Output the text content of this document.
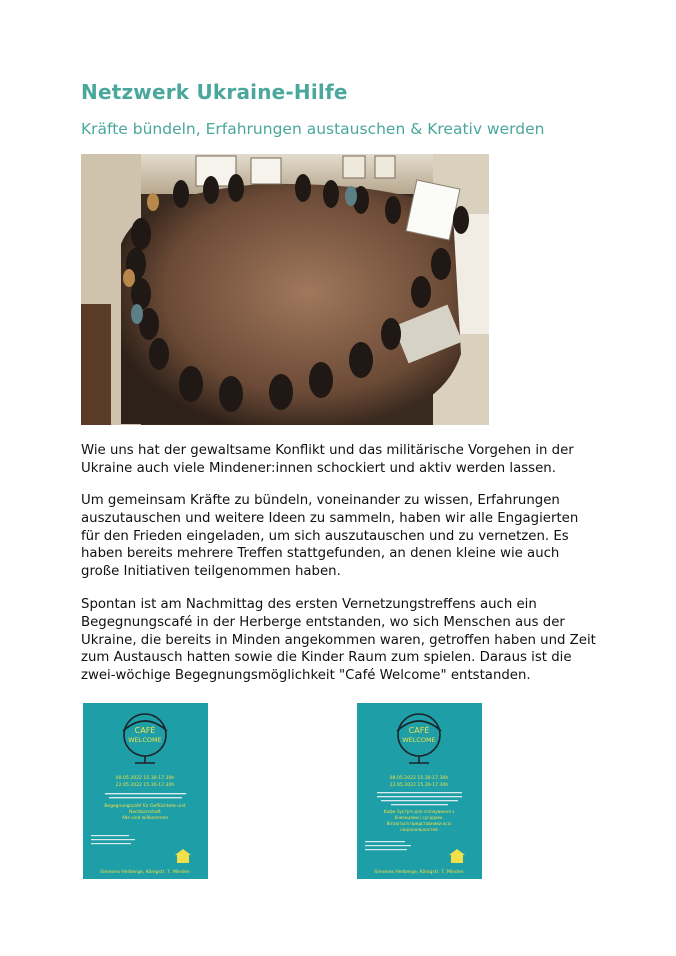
Netzwerk Ukraine-Hilfe
Kräfte bündeln, Erfahrungen austauschen & Kreativ werden

Wie uns hat der gewaltsame Konflikt und das militärische Vorgehen in der Ukraine auch viele Mindener:innen schockiert und aktiv werden lassen.

Um gemeinsam Kräfte zu bündeln, voneinander zu wissen, Erfahrungen auszutauschen und weitere Ideen zu sammeln, haben wir alle Engagierten für den Frieden eingeladen, um sich auszutauschen und zu vernetzen. Es haben bereits mehrere Treffen stattgefunden, an denen kleine wie auch große Initiativen teilgenommen haben.

Spontan ist am Nachmittag des ersten Vernetzungstreffens auch ein Begegnungscafé in der Herberge entstanden, wo sich Menschen aus der Ukraine, die bereits in Minden angekommen waren, getroffen haben und Zeit zum Austausch hatten sowie die Kinder Raum zum spielen. Daraus ist die zwei-wöchige Begegnungsmöglichkeit "Café Welcome" entstanden.

CAFÉ
WELCOME
08.05.2022 15.30-17.30h
22.05.2022 15.30-17.30h
Begegnungscafé für Geflüchtete und
Nachbarschaft
Alle sind willkommen
Simeons Herberge, Königstr. 7, Minden
CAFÉ
WELCOME
08.05.2022 15.30-17.30h
22.05.2022 15.30-17.30h
Кафе-Зустріч для спілкування з
біженцями і сусідами.
Вітаються представники всіх
національностей
Simeons Herberge, Königstr. 7, Minden
